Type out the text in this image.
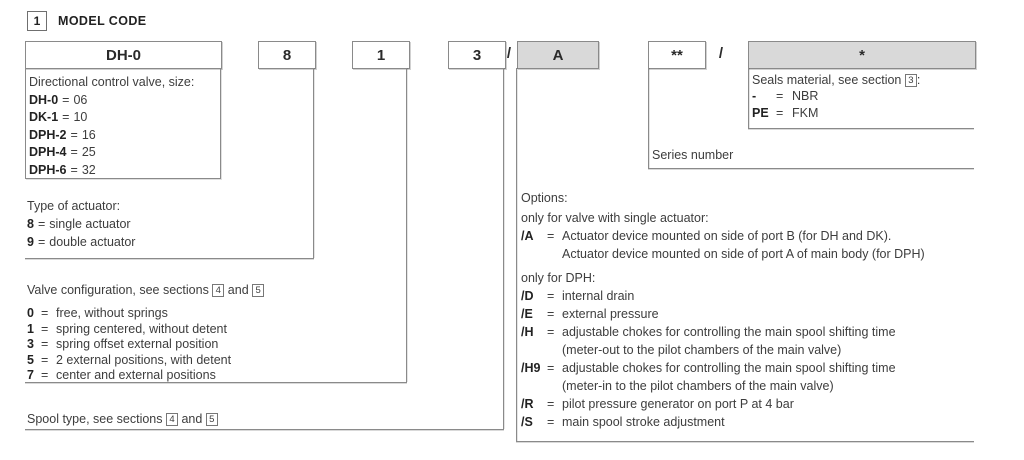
1	MODEL CODE
DH-0	8	1	3	/	A	**	/	*
Directional control valve, size:
DH-0 = 06
DK-1 = 10
DPH-2 = 16
DPH-4 = 25
DPH-6 = 32
Type of actuator:
8 = single actuator
9 = double actuator
Valve configuration, see sections 4 and 5
0 = free, without springs
1 = spring centered, without detent
3 = spring offset external position
5 = 2 external positions, with detent
7 = center and external positions
Spool type, see sections 4 and 5
Options:
only for valve with single actuator:
/A	= Actuator device mounted on side of port B (for DH and DK).
Actuator device mounted on side of port A of main body (for DPH)
only for DPH:
/D	= internal drain
/E	= external pressure
/H	= adjustable chokes for controlling the main spool shifting time
(meter-out to the pilot chambers of the main valve)
/H9 = adjustable chokes for controlling the main spool shifting time
(meter-in to the pilot chambers of the main valve)
/R	= pilot pressure generator on port P at 4 bar
/S	= main spool stroke adjustment
Series number
Seals material, see section 3 :
-	= NBR
PE = FKM
